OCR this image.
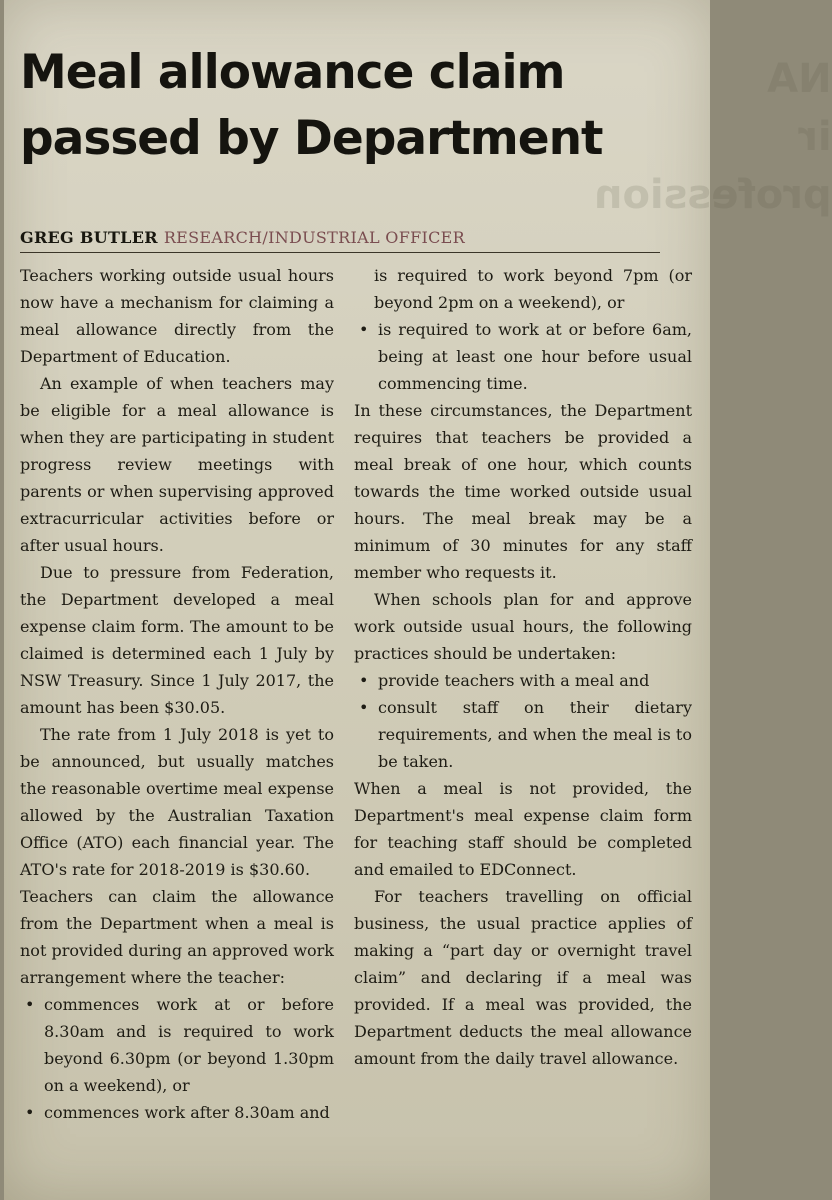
NA
ir
profession
Meal allowance claim passed by Department
GREG BUTLER RESEARCH/INDUSTRIAL OFFICER

Teachers working outside usual hours now have a mechanism for claiming a meal allowance directly from the Department of Education.

An example of when teachers may be eligible for a meal allowance is when they are participating in student progress review meetings with parents or when supervising approved extracurricular activities before or after usual hours.

Due to pressure from Federation, the Department developed a meal expense claim form. The amount to be claimed is determined each 1 July by NSW Treasury. Since 1 July 2017, the amount has been $30.05.

The rate from 1 July 2018 is yet to be announced, but usually matches the reasonable overtime meal expense allowed by the Australian Taxation Office (ATO) each financial year. The ATO's rate for 2018-2019 is $30.60.

Teachers can claim the allowance from the Department when a meal is not provided during an approved work arrangement where the teacher:

• commences work at or before 8.30am and is required to work beyond 6.30pm (or beyond 1.30pm on a weekend), or
• commences work after 8.30am and
is required to work beyond 7pm (or beyond 2pm on a weekend), or
• is required to work at or before 6am, being at least one hour before usual commencing time.

In these circumstances, the Department requires that teachers be provided a meal break of one hour, which counts towards the time worked outside usual hours. The meal break may be a minimum of 30 minutes for any staff member who requests it.

When schools plan for and approve work outside usual hours, the following practices should be undertaken:

• provide teachers with a meal and
• consult staff on their dietary requirements, and when the meal is to be taken.

When a meal is not provided, the Department's meal expense claim form for teaching staff should be completed and emailed to EDConnect.

For teachers travelling on official business, the usual practice applies of making a “part day or overnight travel claim” and declaring if a meal was provided. If a meal was provided, the Department deducts the meal allowance amount from the daily travel allowance.
